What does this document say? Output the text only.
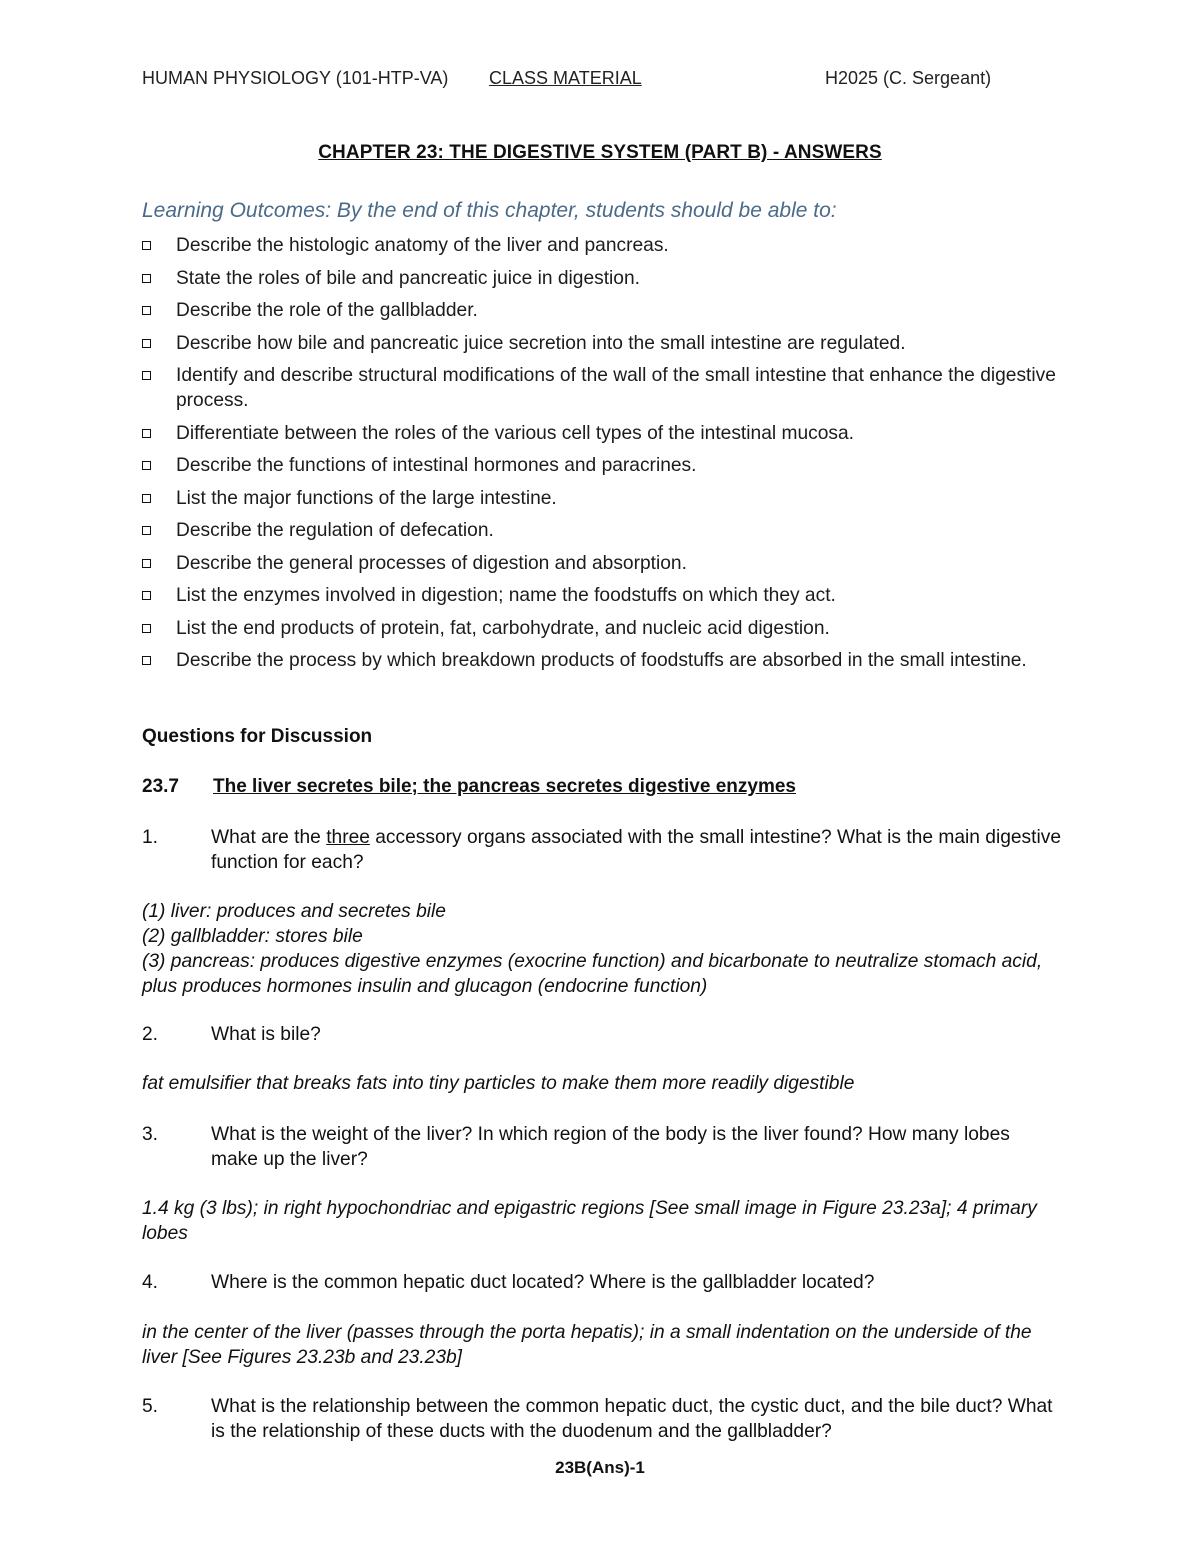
HUMAN PHYSIOLOGY (101-HTP-VA) CLASS MATERIAL	H2025 (C. Sergeant)
CHAPTER 23: THE DIGESTIVE SYSTEM (PART B) - ANSWERS
Learning Outcomes: By the end of this chapter, students should be able to:
Describe the histologic anatomy of the liver and pancreas.
State the roles of bile and pancreatic juice in digestion.
Describe the role of the gallbladder.
Describe how bile and pancreatic juice secretion into the small intestine are regulated.
Identify and describe structural modifications of the wall of the small intestine that enhance the digestive process.
Differentiate between the roles of the various cell types of the intestinal mucosa.
Describe the functions of intestinal hormones and paracrines.
List the major functions of the large intestine.
Describe the regulation of defecation.
Describe the general processes of digestion and absorption.
List the enzymes involved in digestion; name the foodstuffs on which they act.
List the end products of protein, fat, carbohydrate, and nucleic acid digestion.
Describe the process by which breakdown products of foodstuffs are absorbed in the small intestine.
Questions for Discussion
23.7 The liver secretes bile; the pancreas secretes digestive enzymes
1.	What are the three accessory organs associated with the small intestine? What is the main digestive function for each?
(1) liver: produces and secretes bile
(2) gallbladder: stores bile
(3) pancreas: produces digestive enzymes (exocrine function) and bicarbonate to neutralize stomach acid, plus produces hormones insulin and glucagon (endocrine function)
2.	What is bile?
fat emulsifier that breaks fats into tiny particles to make them more readily digestible
3.	What is the weight of the liver? In which region of the body is the liver found? How many lobes make up the liver?
1.4 kg (3 lbs); in right hypochondriac and epigastric regions [See small image in Figure 23.23a]; 4 primary lobes
4.	Where is the common hepatic duct located? Where is the gallbladder located?
in the center of the liver (passes through the porta hepatis); in a small indentation on the underside of the liver [See Figures 23.23b and 23.23b]
5.	What is the relationship between the common hepatic duct, the cystic duct, and the bile duct? What is the relationship of these ducts with the duodenum and the gallbladder?
23B(Ans)-1
